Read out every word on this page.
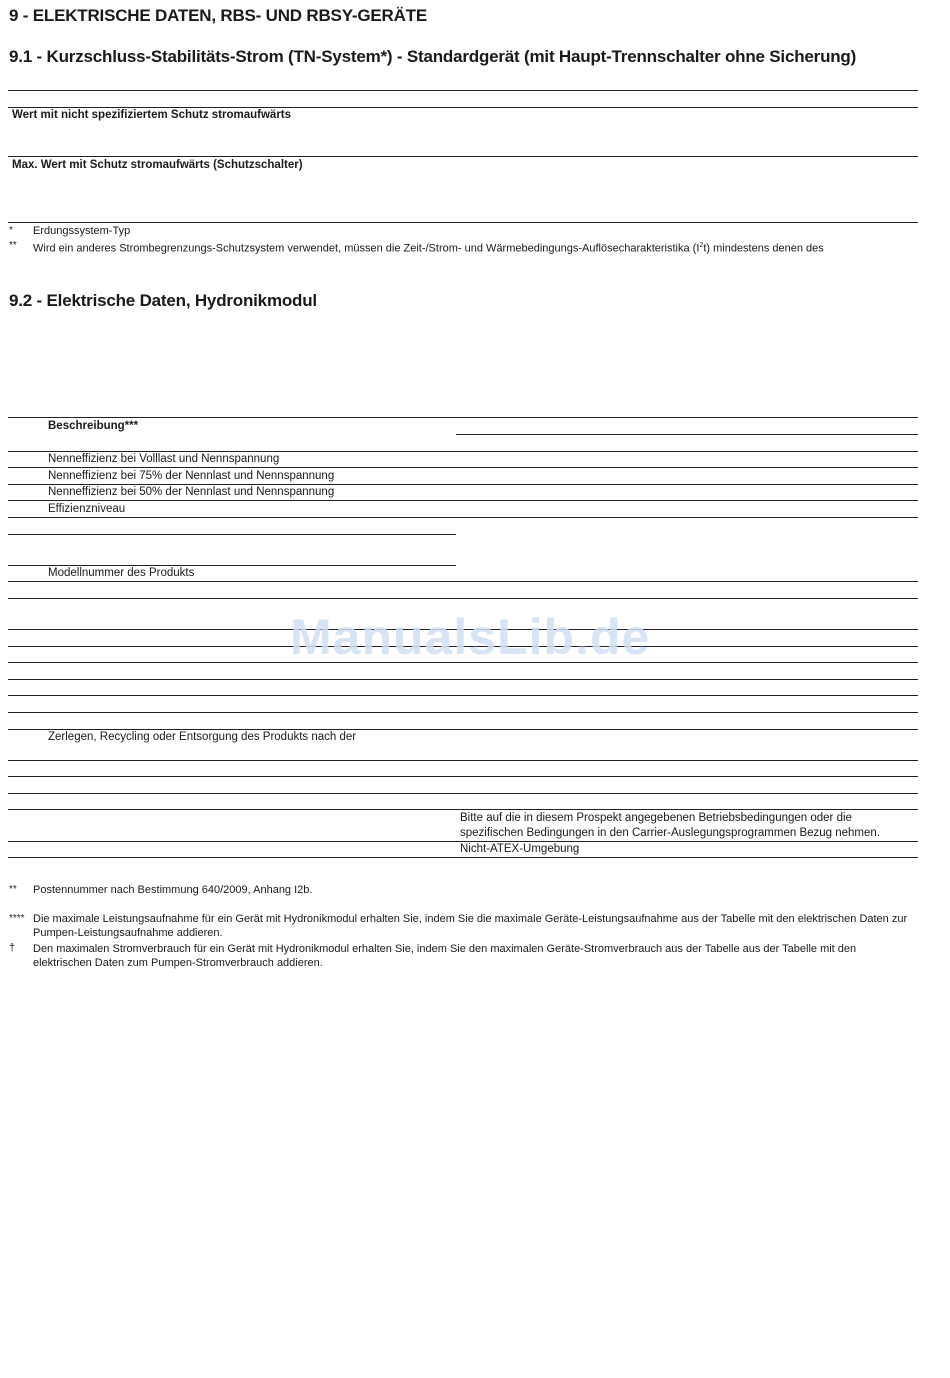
9 - ELEKTRISCHE DATEN, RBS- UND RBSY-GERÄTE
9.1 - Kurzschluss-Stabilitäts-Strom (TN-System*) - Standardgerät (mit Haupt-Trennschalter ohne Sicherung)
Wert mit nicht spezifiziertem Schutz stromaufwärts
Max. Wert mit Schutz stromaufwärts (Schutzschalter)
* Erdungssystem-Typ
** Wird ein anderes Strombegrenzungs-Schutzsystem verwendet, müssen die Zeit-/Strom- und Wärmebedingungs-Auflösecharakteristika $(I^2t)$ mindestens denen des
9.2 - Elektrische Daten, Hydronikmodul
Beschreibung***
Nenneffizienz bei Volllast und Nennspannung
Nenneffizienz bei 75% der Nennlast und Nennspannung
Nenneffizienz bei 50% der Nennlast und Nennspannung
Effizienzniveau
Modellnummer des Produkts
Zerlegen, Recycling oder Entsorgung des Produkts nach der
Bitte auf die in diesem Prospekt angegebenen Betriebsbedingungen oder die
spezifischen Bedingungen in den Carrier-Auslegungsprogrammen Bezug nehmen.
Nicht-ATEX-Umgebung
** Postennummer nach Bestimmung 640/2009, Anhang I2b.
**** Die maximale Leistungsaufnahme für ein Gerät mit Hydronikmodul erhalten Sie, indem Sie die maximale Geräte-Leistungsaufnahme aus der Tabelle mit den elektrischen Daten zur Pumpen-Leistungsaufnahme addieren.
† Den maximalen Stromverbrauch für ein Gerät mit Hydronikmodul erhalten Sie, indem Sie den maximalen Geräte-Stromverbrauch aus der Tabelle aus der Tabelle mit den elektrischen Daten zum Pumpen-Stromverbrauch addieren.
ManualsLib.de
